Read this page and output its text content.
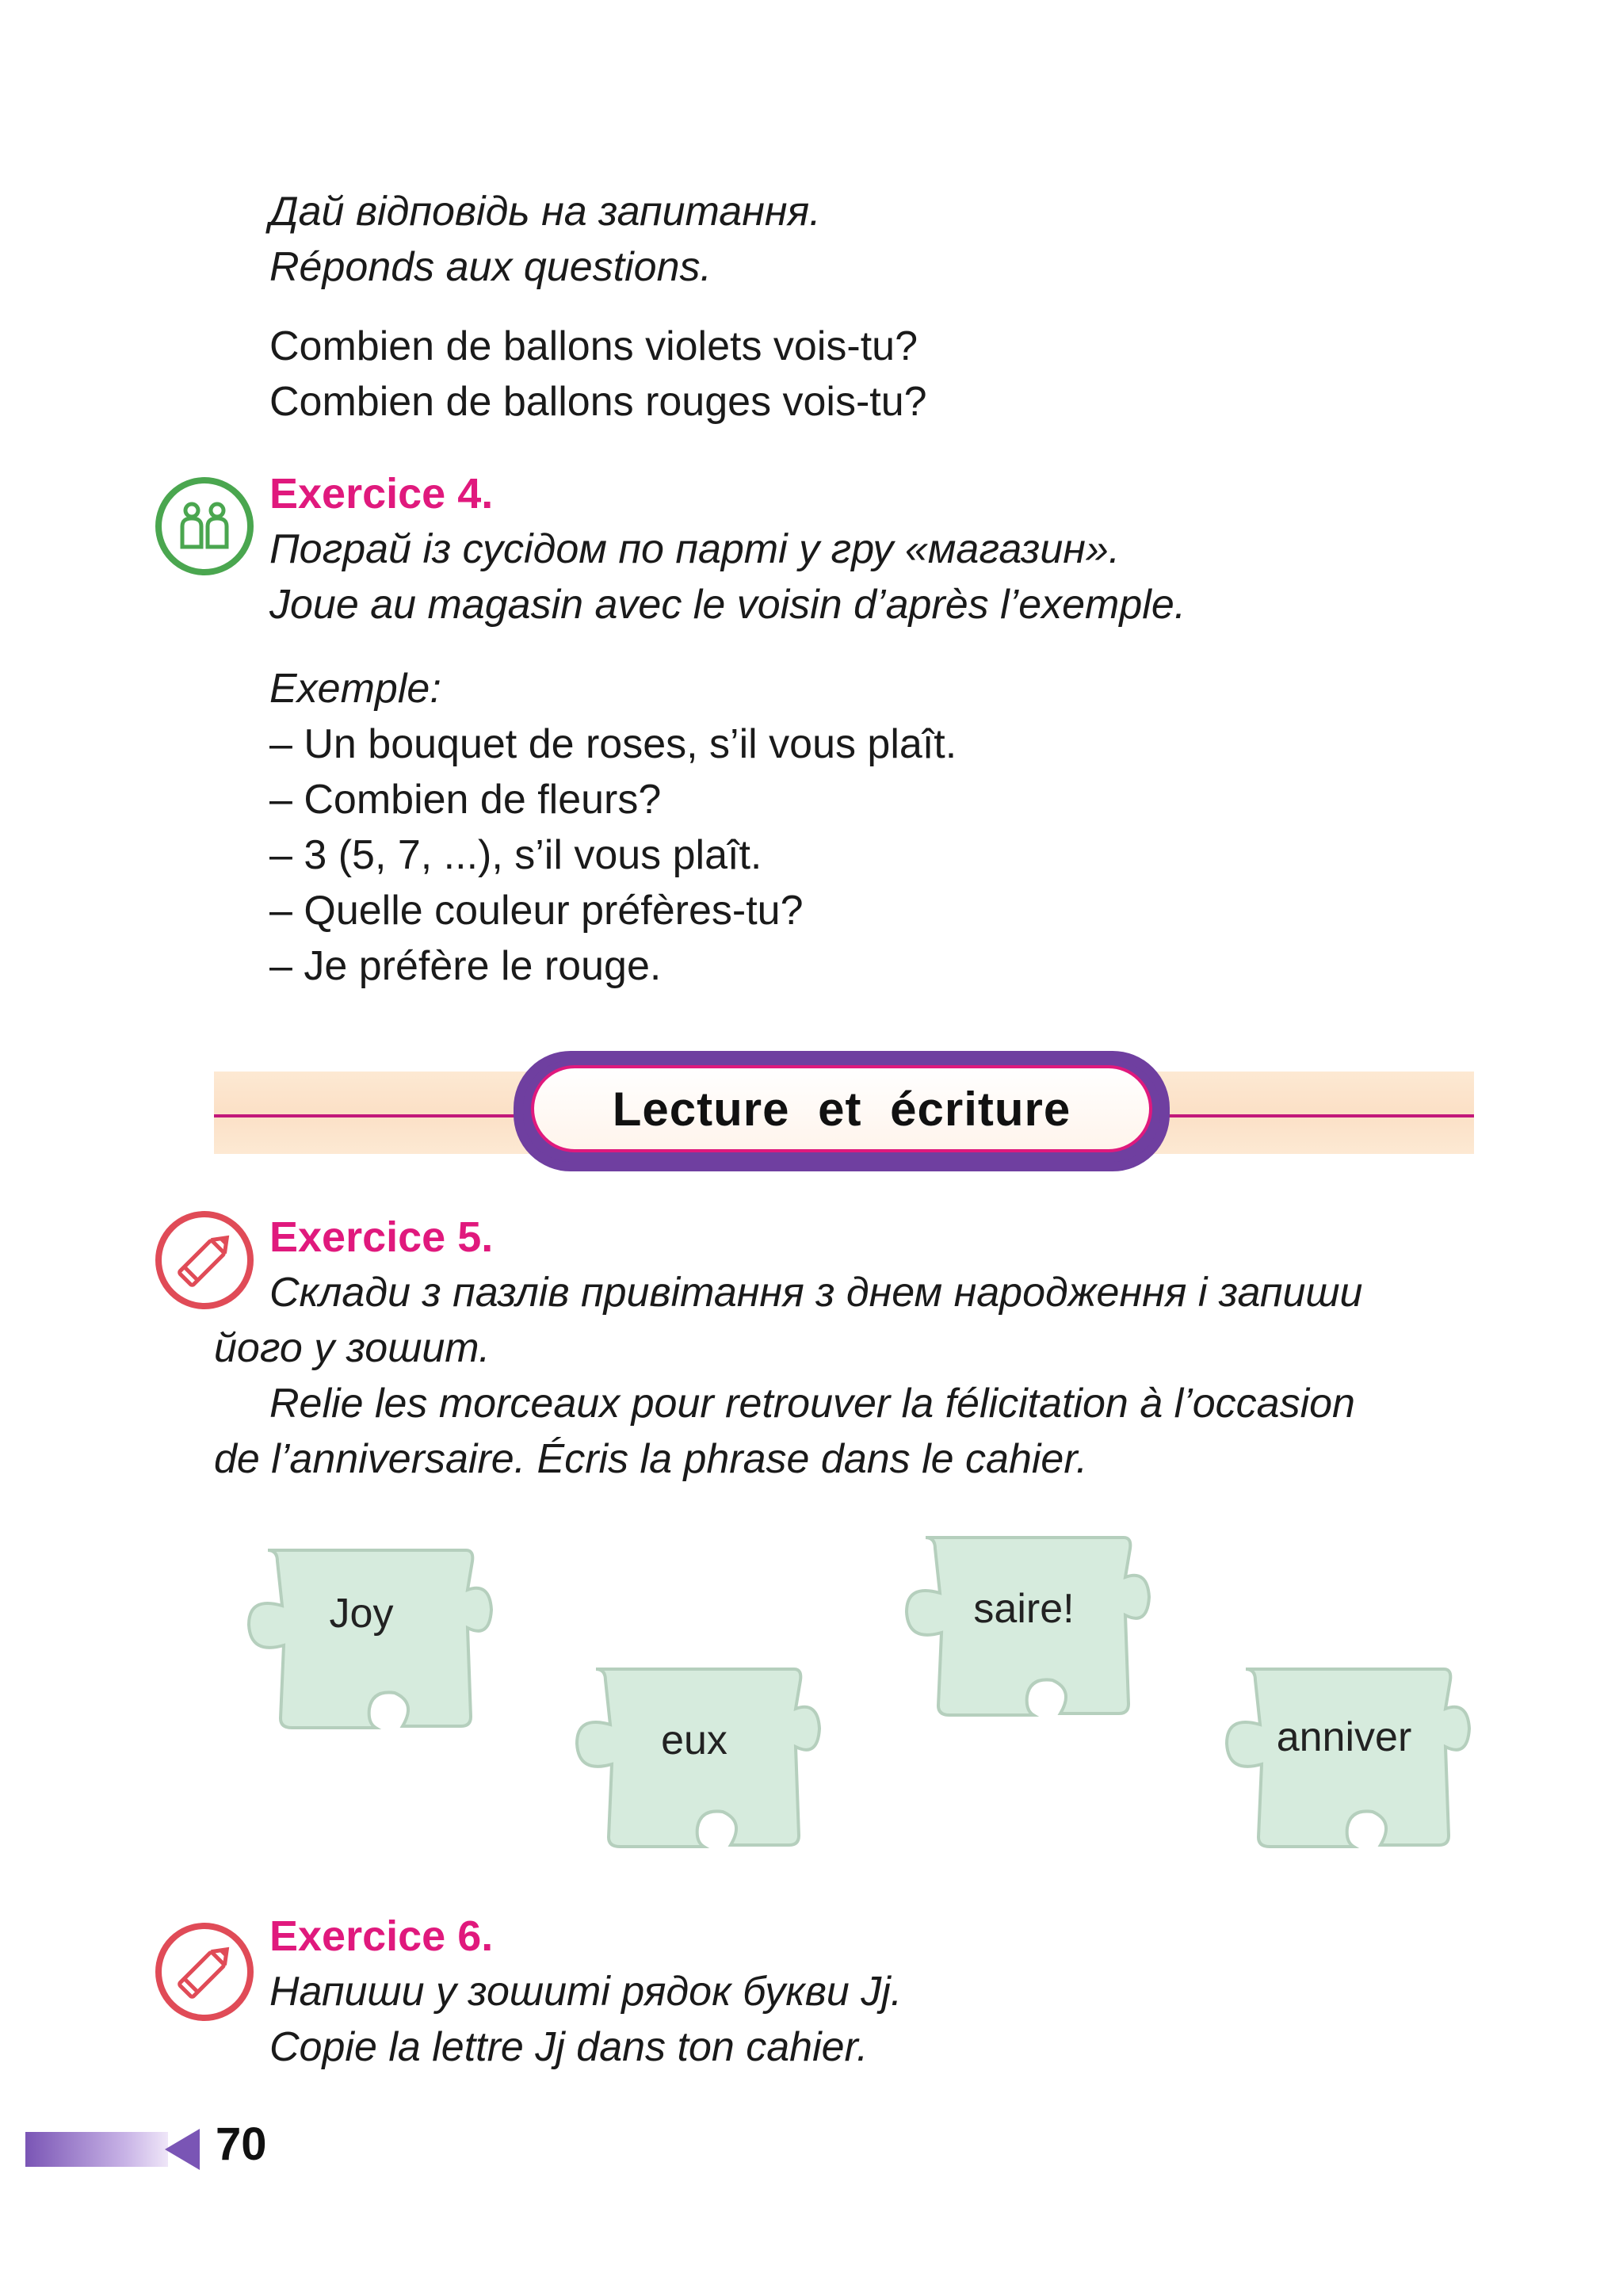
Дай відповідь на запитання.
Réponds aux questions.
Combien de ballons violets vois-tu?
Combien de ballons rouges vois-tu?
Exercice 4.
Пограй із сусідом по парті у гру «магазин».
Joue au magasin avec le voisin d’après l’exemple.
Exemple:
– Un bouquet de roses, s’il vous plaît.
– Combien de fleurs?
– 3 (5, 7, ...), s’il vous plaît.
– Quelle couleur préfères-tu?
– Je préfère le rouge.
Lecture et écriture
Exercice 5.
Склади з пазлів привітання з днем народження і запиши
його у зошит.
Relie les morceaux pour retrouver la félicitation à l’occasion
de l’anniversaire. Écris la phrase dans le cahier.
Joy
eux
saire!
anniver
Exercice 6.
Напиши у зошиті рядок букви Jj.
Copie la lettre Jj dans ton cahier.
70
